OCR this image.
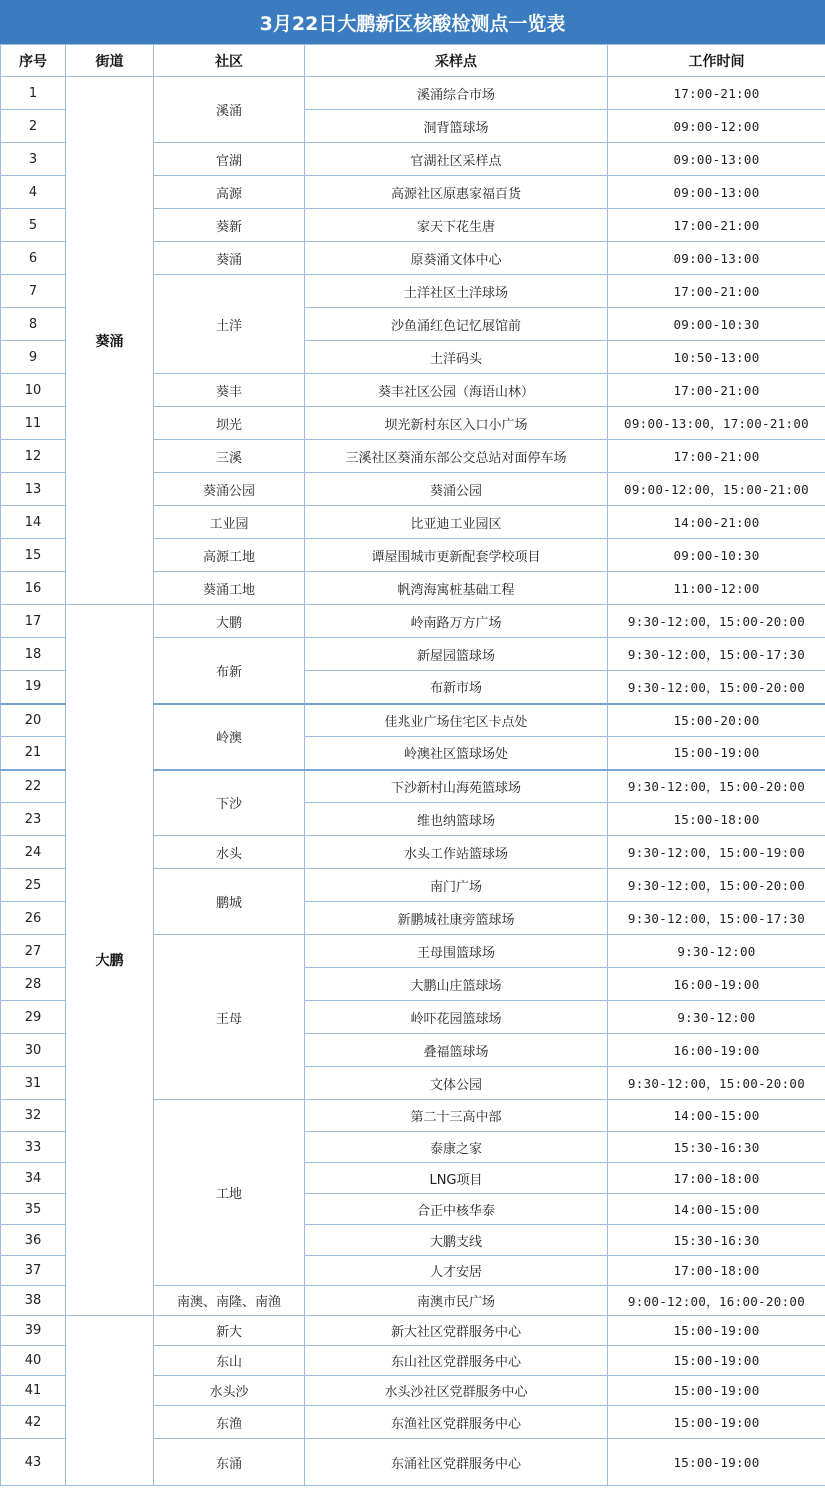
3月22日大鹏新区核酸检测点一览表
序号	街道	社区	采样点	工作时间
1	葵涌	溪涌	溪涌综合市场	17:00-21:00
2			洞背篮球场	09:00-12:00
3		官湖	官湖社区采样点	09:00-13:00
4		高源	高源社区原惠家福百货	09:00-13:00
5		葵新	家天下花生唐	17:00-21:00
6		葵涌	原葵涌文体中心	09:00-13:00
7		土洋	土洋社区土洋球场	17:00-21:00
8			沙鱼涌红色记忆展馆前	09:00-10:30
9			土洋码头	10:50-13:00
10		葵丰	葵丰社区公园（海语山林）	17:00-21:00
11		坝光	坝光新村东区入口小广场	09:00-13:00，17:00-21:00
12		三溪	三溪社区葵涌东部公交总站对面停车场	17:00-21:00
13		葵涌公园	葵涌公园	09:00-12:00，15:00-21:00
14		工业园	比亚迪工业园区	14:00-21:00
15		高源工地	谭屋围城市更新配套学校项目	09:00-10:30
16		葵涌工地	帆湾海寓桩基础工程	11:00-12:00
17	大鹏	大鹏	岭南路万方广场	9:30-12:00，15:00-20:00
18		布新	新屋园篮球场	9:30-12:00，15:00-17:30
19			布新市场	9:30-12:00，15:00-20:00
20		岭澳	佳兆业广场住宅区卡点处	15:00-20:00
21			岭澳社区篮球场处	15:00-19:00
22		下沙	下沙新村山海苑篮球场	9:30-12:00，15:00-20:00
23			维也纳篮球场	15:00-18:00
24		水头	水头工作站篮球场	9:30-12:00，15:00-19:00
25		鹏城	南门广场	9:30-12:00，15:00-20:00
26			新鹏城社康旁篮球场	9:30-12:00，15:00-17:30
27		王母	王母围篮球场	9:30-12:00
28			大鹏山庄篮球场	16:00-19:00
29			岭吓花园篮球场	9:30-12:00
30			叠福篮球场	16:00-19:00
31			文体公园	9:30-12:00，15:00-20:00
32		工地	第二十三高中部	14:00-15:00
33			泰康之家	15:30-16:30
34			LNG项目	17:00-18:00
35			合正中核华泰	14:00-15:00
36			大鹏支线	15:30-16:30
37			人才安居	17:00-18:00
38		南澳、南隆、南渔	南澳市民广场	9:00-12:00，16:00-20:00
39		新大	新大社区党群服务中心	15:00-19:00
40		东山	东山社区党群服务中心	15:00-19:00
41		水头沙	水头沙社区党群服务中心	15:00-19:00
42		东渔	东渔社区党群服务中心	15:00-19:00
43		东涌	东涌社区党群服务中心	15:00-19:00
